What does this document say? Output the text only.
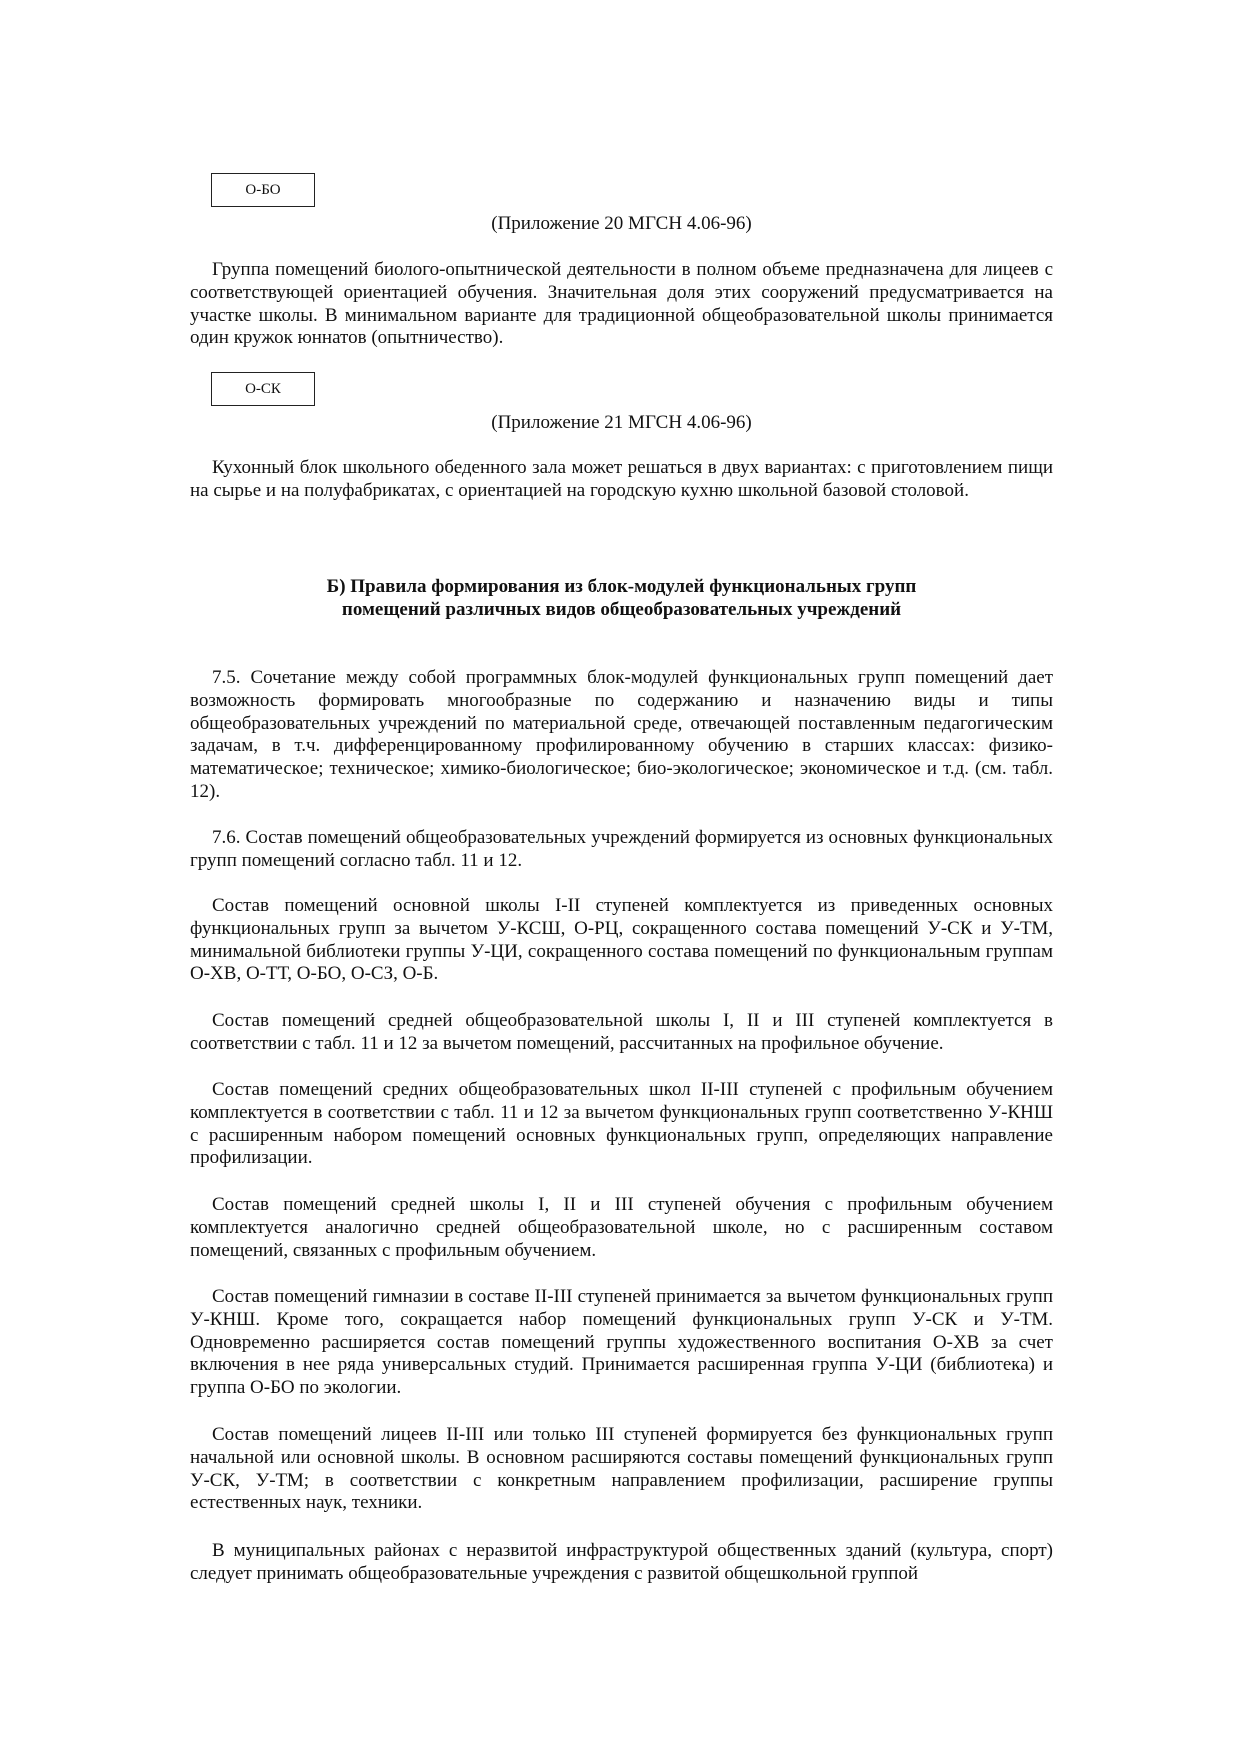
О-БО
(Приложение 20 МГСН 4.06-96)

Группа помещений биолого-опытнической деятельности в полном объеме предназначена для лицеев с соответствующей ориентацией обучения. Значительная доля этих сооружений предусматривается на участке школы. В минимальном варианте для традиционной общеобразовательной школы принимается один кружок юннатов (опытничество).

О-СК
(Приложение 21 МГСН 4.06-96)

Кухонный блок школьного обеденного зала может решаться в двух вариантах: с приготовлением пищи на сырье и на полуфабрикатах, с ориентацией на городскую кухню школьной базовой столовой.

Б) Правила формирования из блок-модулей функциональных групп
помещений различных видов общеобразовательных учреждений

7.5. Сочетание между собой программных блок-модулей функциональных групп помещений дает возможность формировать многообразные по содержанию и назначению виды и типы общеобразовательных учреждений по материальной среде, отвечающей поставленным педагогическим задачам, в т.ч. дифференцированному профилированному обучению в старших классах: физико-математическое; техническое; химико-биологическое; био-экологическое; экономическое и т.д. (см. табл. 12).

7.6. Состав помещений общеобразовательных учреждений формируется из основных функциональных групп помещений согласно табл. 11 и 12.

Состав помещений основной школы I-II ступеней комплектуется из приведенных основных функциональных групп за вычетом У-КСШ, О-РЦ, сокращенного состава помещений У-СК и У-ТМ, минимальной библиотеки группы У-ЦИ, сокращенного состава помещений по функциональным группам О-ХВ, О-ТТ, О-БО, О-СЗ, О-Б.

Состав помещений средней общеобразовательной школы I, II и III ступеней комплектуется в соответствии с табл. 11 и 12 за вычетом помещений, рассчитанных на профильное обучение.

Состав помещений средних общеобразовательных школ II-III ступеней с профильным обучением комплектуется в соответствии с табл. 11 и 12 за вычетом функциональных групп соответственно У-КНШ с расширенным набором помещений основных функциональных групп, определяющих направление профилизации.

Состав помещений средней школы I, II и III ступеней обучения с профильным обучением комплектуется аналогично средней общеобразовательной школе, но с расширенным составом помещений, связанных с профильным обучением.

Состав помещений гимназии в составе II-III ступеней принимается за вычетом функциональных групп У-КНШ. Кроме того, сокращается набор помещений функциональных групп У-СК и У-ТМ. Одновременно расширяется состав помещений группы художественного воспитания О-ХВ за счет включения в нее ряда универсальных студий. Принимается расширенная группа У-ЦИ (библиотека) и группа О-БО по экологии.

Состав помещений лицеев II-III или только III ступеней формируется без функциональных групп начальной или основной школы. В основном расширяются составы помещений функциональных групп У-СК, У-ТМ; в соответствии с конкретным направлением профилизации, расширение группы естественных наук, техники.

В муниципальных районах с неразвитой инфраструктурой общественных зданий (культура, спорт) следует принимать общеобразовательные учреждения с развитой общешкольной группой
